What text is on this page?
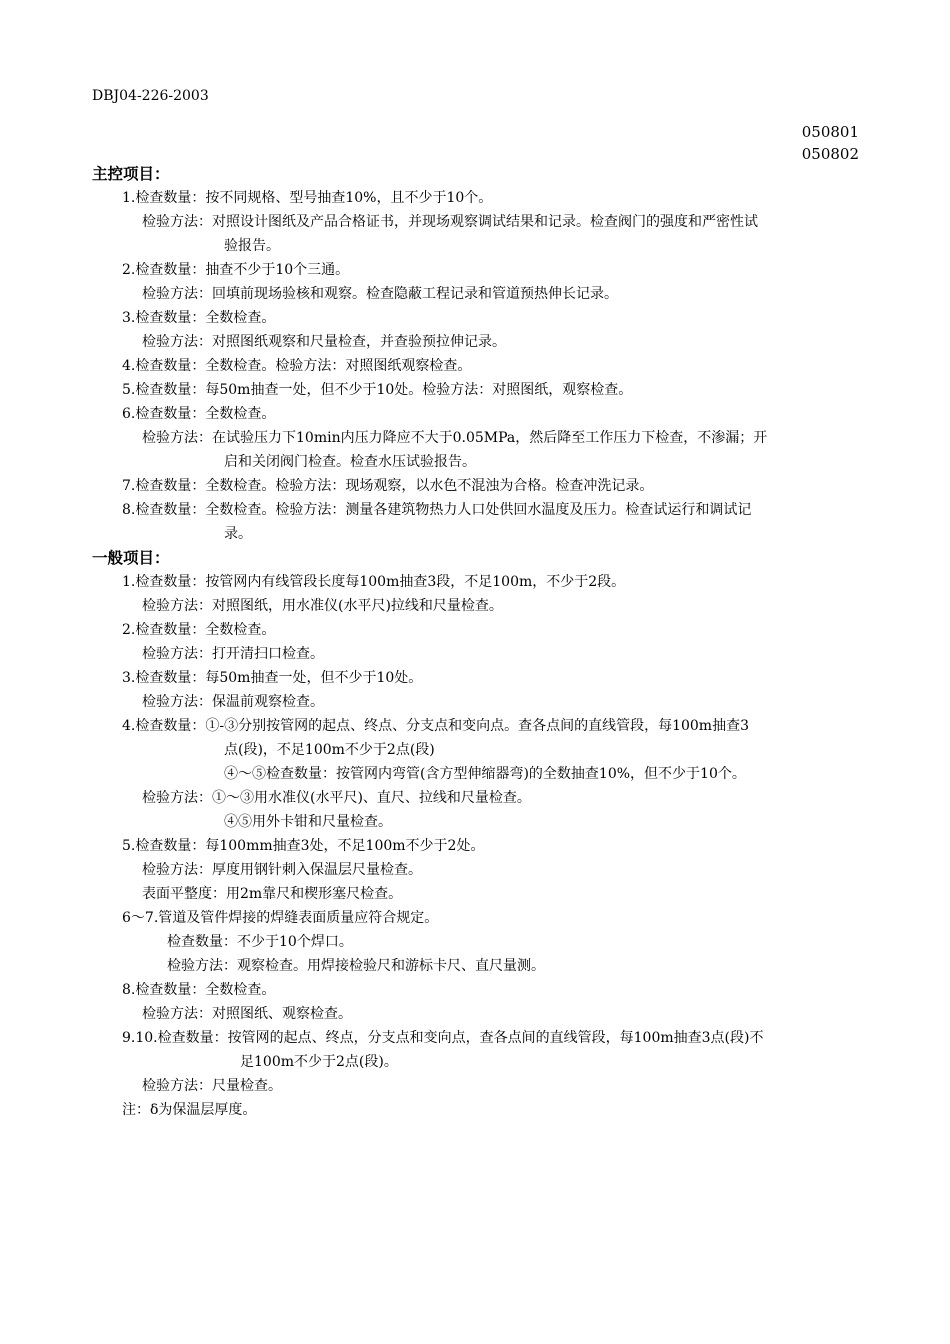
DBJ04-226-2003
050801
050802
主控项目：
1.检查数量： 按不同规格、型号抽查10%，且不少于10个。
检验方法： 对照设计图纸及产品合格证书，并现场观察调试结果和记录。检查阀门的强度和严密性试
验报告。
2.检查数量： 抽查不少于10个三通。
检验方法： 回填前现场验核和观察。检查隐蔽工程记录和管道预热伸长记录。
3.检查数量： 全数检查。
检验方法： 对照图纸观察和尺量检查，并查验预拉伸记录。
4.检查数量： 全数检查。检验方法：对照图纸观察检查。
5.检查数量： 每50m抽查一处，但不少于10处。检验方法：对照图纸，观察检查。
6.检查数量： 全数检查。
检验方法： 在试验压力下10min内压力降应不大于0.05MPa，然后降至工作压力下检查，不渗漏；开
启和关闭阀门检查。检查水压试验报告。
7.检查数量： 全数检查。检验方法：现场观察，以水色不混浊为合格。检查冲洗记录。
8.检查数量： 全数检查。检验方法：测量各建筑物热力人口处供回水温度及压力。检查试运行和调试记
录。
一般项目：
1.检查数量： 按管网内有线管段长度每100m抽查3段，不足100m，不少于2段。
检验方法： 对照图纸，用水准仪(水平尺)拉线和尺量检查。
2.检查数量： 全数检查。
检验方法： 打开清扫口检查。
3.检查数量： 每50m抽查一处，但不少于10处。
检验方法： 保温前观察检查。
4.检查数量： ①-③分别按管网的起点、终点、分支点和变向点。查各点间的直线管段，每100m抽查3
点(段)，不足100m不少于2点(段)
④～⑤检查数量：按管网内弯管(含方型伸缩器弯)的全数抽查10%，但不少于10个。
检验方法： ①～③用水准仪(水平尺)、直尺、拉线和尺量检查。
④⑤用外卡钳和尺量检查。
5.检查数量： 每100mm抽查3处，不足100m不少于2处。
检验方法： 厚度用钢针刺入保温层尺量检查。
表面平整度： 用2m靠尺和楔形塞尺检查。
6～7.管道及管件焊接的焊缝表面质量应符合规定。
检查数量： 不少于10个焊口。
检验方法： 观察检查。用焊接检验尺和游标卡尺、直尺量测。
8.检查数量： 全数检查。
检验方法： 对照图纸、观察检查。
9.10.检查数量： 按管网的起点、终点，分支点和变向点，查各点间的直线管段，每100m抽查3点(段)不
足100m不少于2点(段)。
检验方法： 尺量检查。
注： δ为保温层厚度。
